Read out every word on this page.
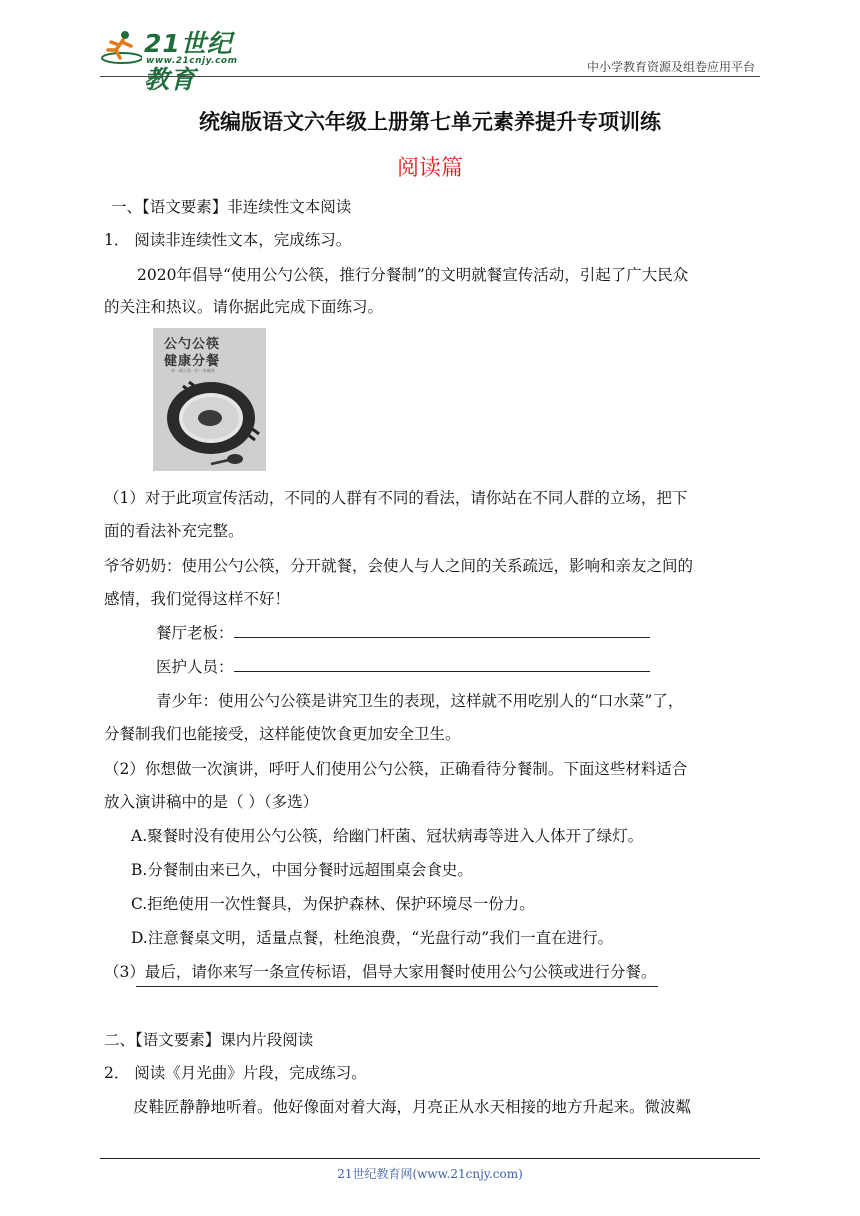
21世纪教育
www.21cnjy.com	中小学教育资源及组卷应用平台
统编版语文六年级上册第七单元素养提升专项训练
阅读篇
一、【语文要素】非连续性文本阅读
1． 阅读非连续性文本，完成练习。
2020年倡导“使用公勺公筷，推行分餐制”的文明就餐宣传活动，引起了广大民众
的关注和热议。请你据此完成下面练习。
公勺公筷
健康分餐
拿一副公筷 · 护一家健康
（1）对于此项宣传活动，不同的人群有不同的看法，请你站在不同人群的立场，把下
面的看法补充完整。
爷爷奶奶：使用公勺公筷，分开就餐，会使人与人之间的关系疏远，影响和亲友之间的
感情，我们觉得这样不好！
餐厅老板：
医护人员：
青少年：使用公勺公筷是讲究卫生的表现，这样就不用吃别人的“口水菜”了，
分餐制我们也能接受，这样能使饮食更加安全卫生。
（2）你想做一次演讲，呼吁人们使用公勺公筷，正确看待分餐制。下面这些材料适合
放入演讲稿中的是（ ）（多选）
A.聚餐时没有使用公勺公筷，给幽门杆菌、冠状病毒等进入人体开了绿灯。
B.分餐制由来已久，中国分餐时远超围桌会食史。
C.拒绝使用一次性餐具，为保护森林、保护环境尽一份力。
D.注意餐桌文明，适量点餐，杜绝浪费，“光盘行动”我们一直在进行。
（3）最后，请你来写一条宣传标语，倡导大家用餐时使用公勺公筷或进行分餐。
二、【语文要素】课内片段阅读
2． 阅读《月光曲》片段，完成练习。
皮鞋匠静静地听着。他好像面对着大海，月亮正从水天相接的地方升起来。微波粼
21世纪教育网(www.21cnjy.com)
